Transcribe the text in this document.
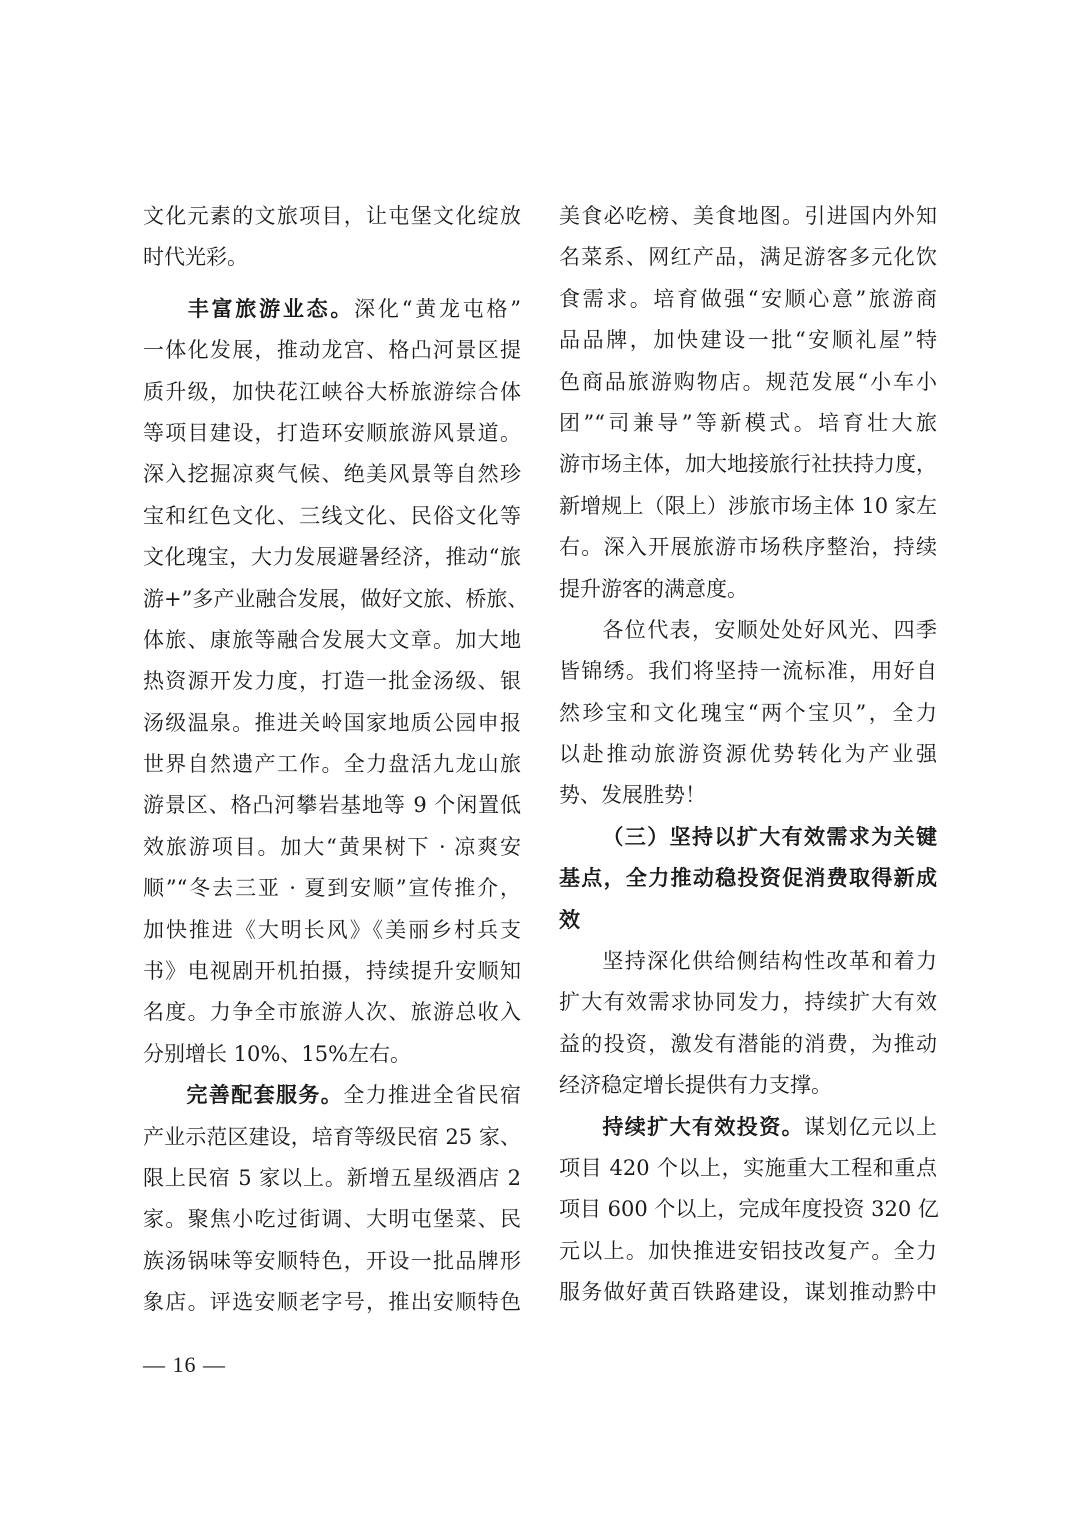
文化元素的文旅项目，让屯堡文化绽放
时代光彩。
丰富旅游业态。深化“黄龙屯格”
一体化发展，推动龙宫、格凸河景区提
质升级，加快花江峡谷大桥旅游综合体
等项目建设，打造环安顺旅游风景道。
深入挖掘凉爽气候、绝美风景等自然珍
宝和红色文化、三线文化、民俗文化等
文化瑰宝，大力发展避暑经济，推动“旅
游+”多产业融合发展，做好文旅、桥旅、
体旅、康旅等融合发展大文章。加大地
热资源开发力度，打造一批金汤级、银
汤级温泉。推进关岭国家地质公园申报
世界自然遗产工作。全力盘活九龙山旅
游景区、格凸河攀岩基地等 9 个闲置低
效旅游项目。加大“黄果树下 · 凉爽安
顺”“冬去三亚 · 夏到安顺”宣传推介，
加快推进《大明长风》《美丽乡村兵支
书》电视剧开机拍摄，持续提升安顺知
名度。力争全市旅游人次、旅游总收入
分别增长 10%、15%左右。
完善配套服务。全力推进全省民宿
产业示范区建设，培育等级民宿 25 家、
限上民宿 5 家以上。新增五星级酒店 2
家。聚焦小吃过街调、大明屯堡菜、民
族汤锅味等安顺特色，开设一批品牌形
象店。评选安顺老字号，推出安顺特色
美食必吃榜、美食地图。引进国内外知
名菜系、网红产品，满足游客多元化饮
食需求。培育做强“安顺心意”旅游商
品品牌，加快建设一批“安顺礼屋”特
色商品旅游购物店。规范发展“小车小
团”“司兼导”等新模式。培育壮大旅
游市场主体，加大地接旅行社扶持力度，
新增规上（限上）涉旅市场主体 10 家左
右。深入开展旅游市场秩序整治，持续
提升游客的满意度。
各位代表，安顺处处好风光、四季
皆锦绣。我们将坚持一流标准，用好自
然珍宝和文化瑰宝“两个宝贝”，全力
以赴推动旅游资源优势转化为产业强
势、发展胜势！
（三）坚持以扩大有效需求为关键
基点，全力推动稳投资促消费取得新成
效
坚持深化供给侧结构性改革和着力
扩大有效需求协同发力，持续扩大有效
益的投资，激发有潜能的消费，为推动
经济稳定增长提供有力支撑。
持续扩大有效投资。谋划亿元以上
项目 420 个以上，实施重大工程和重点
项目 600 个以上，完成年度投资 320 亿
元以上。加快推进安铝技改复产。全力
服务做好黄百铁路建设，谋划推动黔中
— 16 —
